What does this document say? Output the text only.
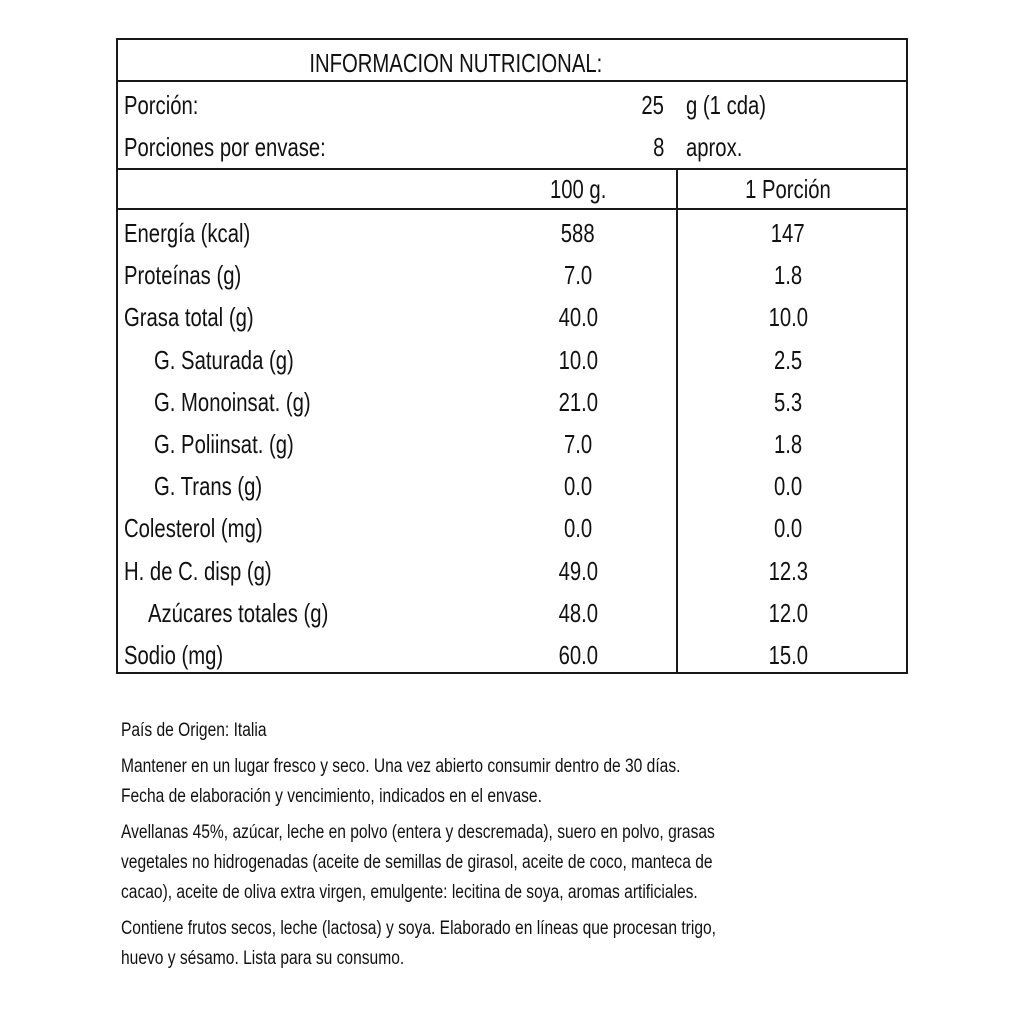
INFORMACION NUTRICIONAL:
Porción:	25 g (1 cda)
Porciones por envase:	8 aprox.
100 g.	1 Porción
Energía (kcal)	588	147
Proteínas (g)	7.0	1.8
Grasa total (g)	40.0	10.0
G. Saturada (g)	10.0	2.5
G. Monoinsat. (g)	21.0	5.3
G. Poliinsat. (g)	7.0	1.8
G. Trans (g)	0.0	0.0
Colesterol (mg)	0.0	0.0
H. de C. disp (g)	49.0	12.3
Azúcares totales (g)	48.0	12.0
Sodio (mg)	60.0	15.0
País de Origen: Italia
Mantener en un lugar fresco y seco. Una vez abierto consumir dentro de 30 días.
Fecha de elaboración y vencimiento, indicados en el envase.
Avellanas 45%, azúcar, leche en polvo (entera y descremada), suero en polvo, grasas
vegetales no hidrogenadas (aceite de semillas de girasol, aceite de coco, manteca de
cacao), aceite de oliva extra virgen, emulgente: lecitina de soya, aromas artificiales.
Contiene frutos secos, leche (lactosa) y soya. Elaborado en líneas que procesan trigo,
huevo y sésamo. Lista para su consumo.
